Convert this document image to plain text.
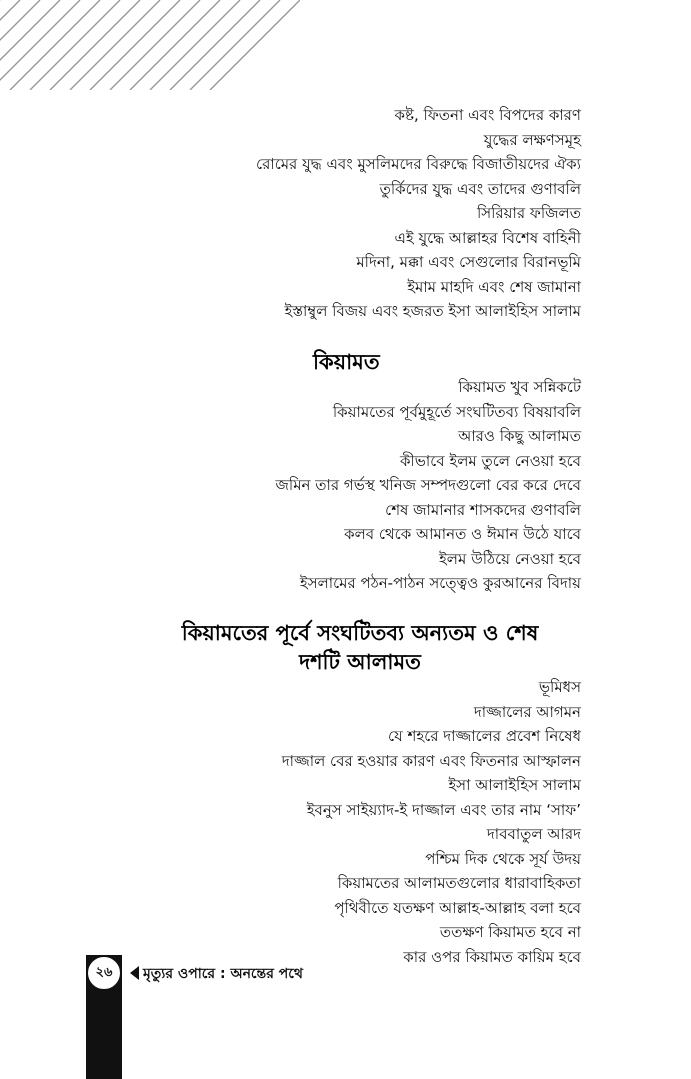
কষ্ট, ফিতনা এবং বিপদের কারণ
যুদ্ধের লক্ষণসমূহ
রোমের যুদ্ধ এবং মুসলিমদের বিরুদ্ধে বিজাতীয়দের ঐক্য
তুর্কিদের যুদ্ধ এবং তাদের গুণাবলি
সিরিয়ার ফজিলত
এই যুদ্ধে আল্লাহর বিশেষ বাহিনী
মদিনা, মক্কা এবং সেগুলোর বিরানভূমি
ইমাম মাহদি এবং শেষ জামানা
ইস্তাম্বুল বিজয় এবং হজরত ইসা আলাইহিস সালাম
কিয়ামত
কিয়ামত খুব সন্নিকটে
কিয়ামতের পূর্বমুহূর্তে সংঘটিতব্য বিষয়াবলি
আরও কিছু আলামত
কীভাবে ইলম তুলে নেওয়া হবে
জমিন তার গর্ভস্থ খনিজ সম্পদগুলো বের করে দেবে
শেষ জামানার শাসকদের গুণাবলি
কলব থেকে আমানত ও ঈমান উঠে যাবে
ইলম উঠিয়ে নেওয়া হবে
ইসলামের পঠন-পাঠন সত্ত্বেও কুরআনের বিদায়
কিয়ামতের পূর্বে সংঘটিতব্য অন্যতম ও শেষ
দশটি আলামত
ভূমিধস
দাজ্জালের আগমন
যে শহরে দাজ্জালের প্রবেশ নিষেধ
দাজ্জাল বের হওয়ার কারণ এবং ফিতনার আস্ফালন
ইসা আলাইহিস সালাম
ইবনুস সাইয়্যাদ-ই দাজ্জাল এবং তার নাম ‘সাফ’
দাববাতুল আরদ
পশ্চিম দিক থেকে সূর্য উদয়
কিয়ামতের আলামতগুলোর ধারাবাহিকতা
পৃথিবীতে যতক্ষণ আল্লাহ-আল্লাহ বলা হবে
ততক্ষণ কিয়ামত হবে না
কার ওপর কিয়ামত কায়িম হবে
২৬	মৃত্যুর ওপারে : অনন্তের পথে
